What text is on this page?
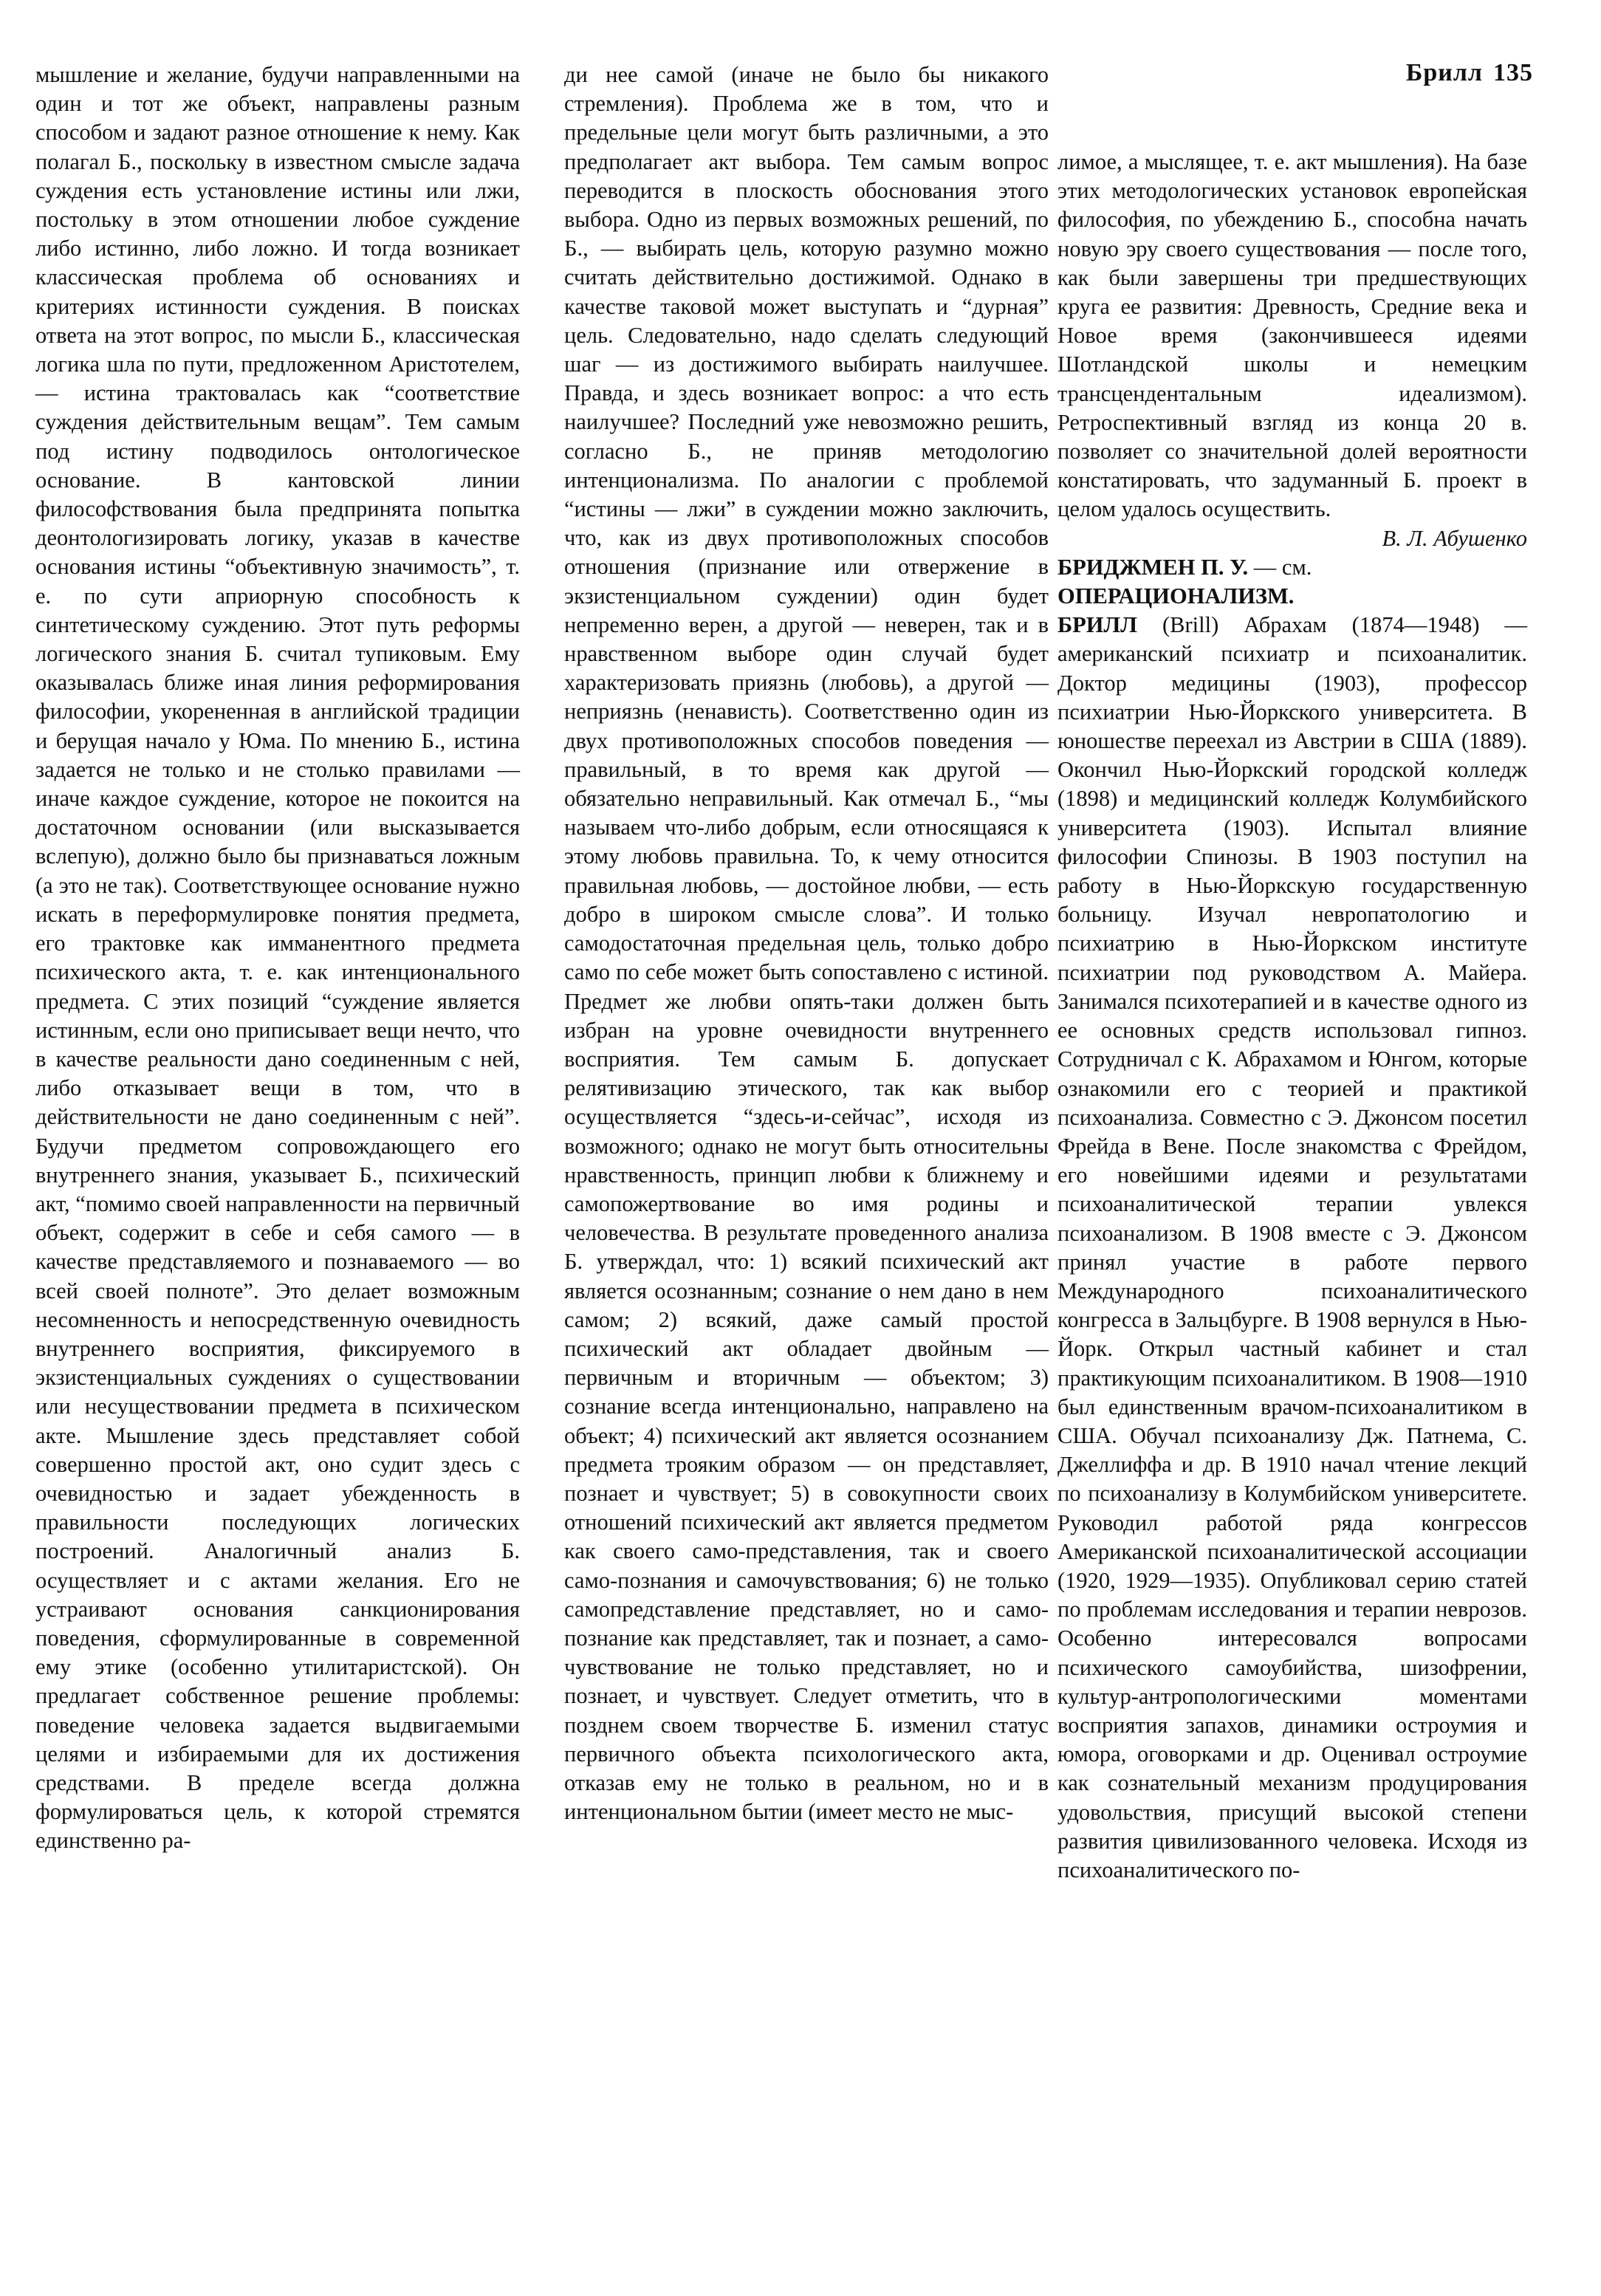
Брилл 135

мышление и желание, будучи направленными на один и тот же объект, направлены разным способом и задают разное отношение к нему. Как полагал Б., поскольку в известном смысле задача суждения есть установление истины или лжи, постольку в этом отношении любое суждение либо истинно, либо ложно. И тогда возникает классическая проблема об основаниях и критериях истинности суждения. В поисках ответа на этот вопрос, по мысли Б., классическая логика шла по пути, предложенном Аристотелем, — истина трактовалась как “соответствие суждения действительным вещам”. Тем самым под истину подводилось онтологическое основание. В кантовской линии философствования была предпринята попытка деонтологизировать логику, указав в качестве основания истины “объективную значимость”, т. е. по сути априорную способность к синтетическому суждению. Этот путь реформы логического знания Б. считал тупиковым. Ему оказывалась ближе иная линия реформирования философии, укорененная в английской традиции и берущая начало у Юма. По мнению Б., истина задается не только и не столько правилами — иначе каждое суждение, которое не покоится на достаточном основании (или высказывается вслепую), должно было бы признаваться ложным (а это не так). Соответствующее основание нужно искать в переформулировке понятия предмета, его трактовке как имманентного предмета психического акта, т. е. как интенционального предмета. С этих позиций “суждение является истинным, если оно приписывает вещи нечто, что в качестве реальности дано соединенным с ней, либо отказывает вещи в том, что в действительности не дано соединенным с ней”. Будучи предметом сопровождающего его внутреннего знания, указывает Б., психический акт, “помимо своей направленности на первичный объект, содержит в себе и себя самого — в качестве представляемого и познаваемого — во всей своей полноте”. Это делает возможным несомненность и непосредственную очевидность внутреннего восприятия, фиксируемого в экзистенциальных суждениях о существовании или несуществовании предмета в психическом акте. Мышление здесь представляет собой совершенно простой акт, оно судит здесь с очевидностью и задает убежденность в правильности последующих логических построений. Аналогичный анализ Б. осуществляет и с актами желания. Его не устраивают основания санкционирования поведения, сформулированные в современной ему этике (особенно утилитаристской). Он предлагает собственное решение проблемы: поведение человека задается выдвигаемыми целями и избираемыми для их достижения средствами. В пределе всегда должна формулироваться цель, к которой стремятся единственно ра-

ди нее самой (иначе не было бы никакого стремления). Проблема же в том, что и предельные цели могут быть различными, а это предполагает акт выбора. Тем самым вопрос переводится в плоскость обоснования этого выбора. Одно из первых возможных решений, по Б., — выбирать цель, которую разумно можно считать действительно достижимой. Однако в качестве таковой может выступать и “дурная” цель. Следовательно, надо сделать следующий шаг — из достижимого выбирать наилучшее. Правда, и здесь возникает вопрос: а что есть наилучшее? Последний уже невозможно решить, согласно Б., не приняв методологию интенционализма. По аналогии с проблемой “истины — лжи” в суждении можно заключить, что, как из двух противоположных способов отношения (признание или отвержение в экзистенциальном суждении) один будет непременно верен, а другой — неверен, так и в нравственном выборе один случай будет характеризовать приязнь (любовь), а другой — неприязнь (ненависть). Соответственно один из двух противоположных способов поведения — правильный, в то время как другой — обязательно неправильный. Как отмечал Б., “мы называем что-либо добрым, если относящаяся к этому любовь правильна. То, к чему относится правильная любовь, — достойное любви, — есть добро в широком смысле слова”. И только самодостаточная предельная цель, только добро само по себе может быть сопоставлено с истиной. Предмет же любви опять-таки должен быть избран на уровне очевидности внутреннего восприятия. Тем самым Б. допускает релятивизацию этического, так как выбор осуществляется “здесь-и-сейчас”, исходя из возможного; однако не могут быть относительны нравственность, принцип любви к ближнему и самопожертвование во имя родины и человечества. В результате проведенного анализа Б. утверждал, что: 1) всякий психический акт является осознанным; сознание о нем дано в нем самом; 2) всякий, даже самый простой психический акт обладает двойным — первичным и вторичным — объектом; 3) сознание всегда интенционально, направлено на объект; 4) психический акт является осознанием предмета трояким образом — он представляет, познает и чувствует; 5) в совокупности своих отношений психический акт является предметом как своего само-представления, так и своего само-познания и самочувствования; 6) не только самопредставление представляет, но и само-познание как представляет, так и познает, а само-чувствование не только представляет, но и познает, и чувствует. Следует отметить, что в позднем своем творчестве Б. изменил статус первичного объекта психологического акта, отказав ему не только в реальном, но и в интенциональном бытии (имеет место не мыс-

лимое, а мыслящее, т. е. акт мышления). На базе этих методологических установок европейская философия, по убеждению Б., способна начать новую эру своего существования — после того, как были завершены три предшествующих круга ее развития: Древность, Средние века и Новое время (закончившееся идеями Шотландской школы и немецким трансцендентальным идеализмом). Ретроспективный взгляд из конца 20 в. позволяет со значительной долей вероятности констатировать, что задуманный Б. проект в целом удалось осуществить.

В. Л. Абушенко

БРИДЖМЕН П. У. — см. ОПЕРАЦИОНАЛИЗМ.

БРИЛЛ (Brill) Абрахам (1874—1948) — американский психиатр и психоаналитик. Доктор медицины (1903), профессор психиатрии Нью-Йоркского университета. В юношестве переехал из Австрии в США (1889). Окончил Нью-Йоркский городской колледж (1898) и медицинский колледж Колумбийского университета (1903). Испытал влияние философии Спинозы. В 1903 поступил на работу в Нью-Йоркскую государственную больницу. Изучал невропатологию и психиатрию в Нью-Йоркском институте психиатрии под руководством А. Майера. Занимался психотерапией и в качестве одного из ее основных средств использовал гипноз. Сотрудничал с К. Абрахамом и Юнгом, которые ознакомили его с теорией и практикой психоанализа. Совместно с Э. Джонсом посетил Фрейда в Вене. После знакомства с Фрейдом, его новейшими идеями и результатами психоаналитической терапии увлекся психоанализом. В 1908 вместе с Э. Джонсом принял участие в работе первого Международного психоаналитического конгресса в Зальцбурге. В 1908 вернулся в Нью-Йорк. Открыл частный кабинет и стал практикующим психоаналитиком. В 1908—1910 был единственным врачом-психоаналитиком в США. Обучал психоанализу Дж. Патнема, С. Джеллиффа и др. В 1910 начал чтение лекций по психоанализу в Колумбийском университете. Руководил работой ряда конгрессов Американской психоаналитической ассоциации (1920, 1929—1935). Опубликовал серию статей по проблемам исследования и терапии неврозов. Особенно интересовался вопросами психического самоубийства, шизофрении, культур-антропологическими моментами восприятия запахов, динамики остроумия и юмора, оговорками и др. Оценивал остроумие как сознательный механизм продуцирования удовольствия, присущий высокой степени развития цивилизованного человека. Исходя из психоаналитического по-
